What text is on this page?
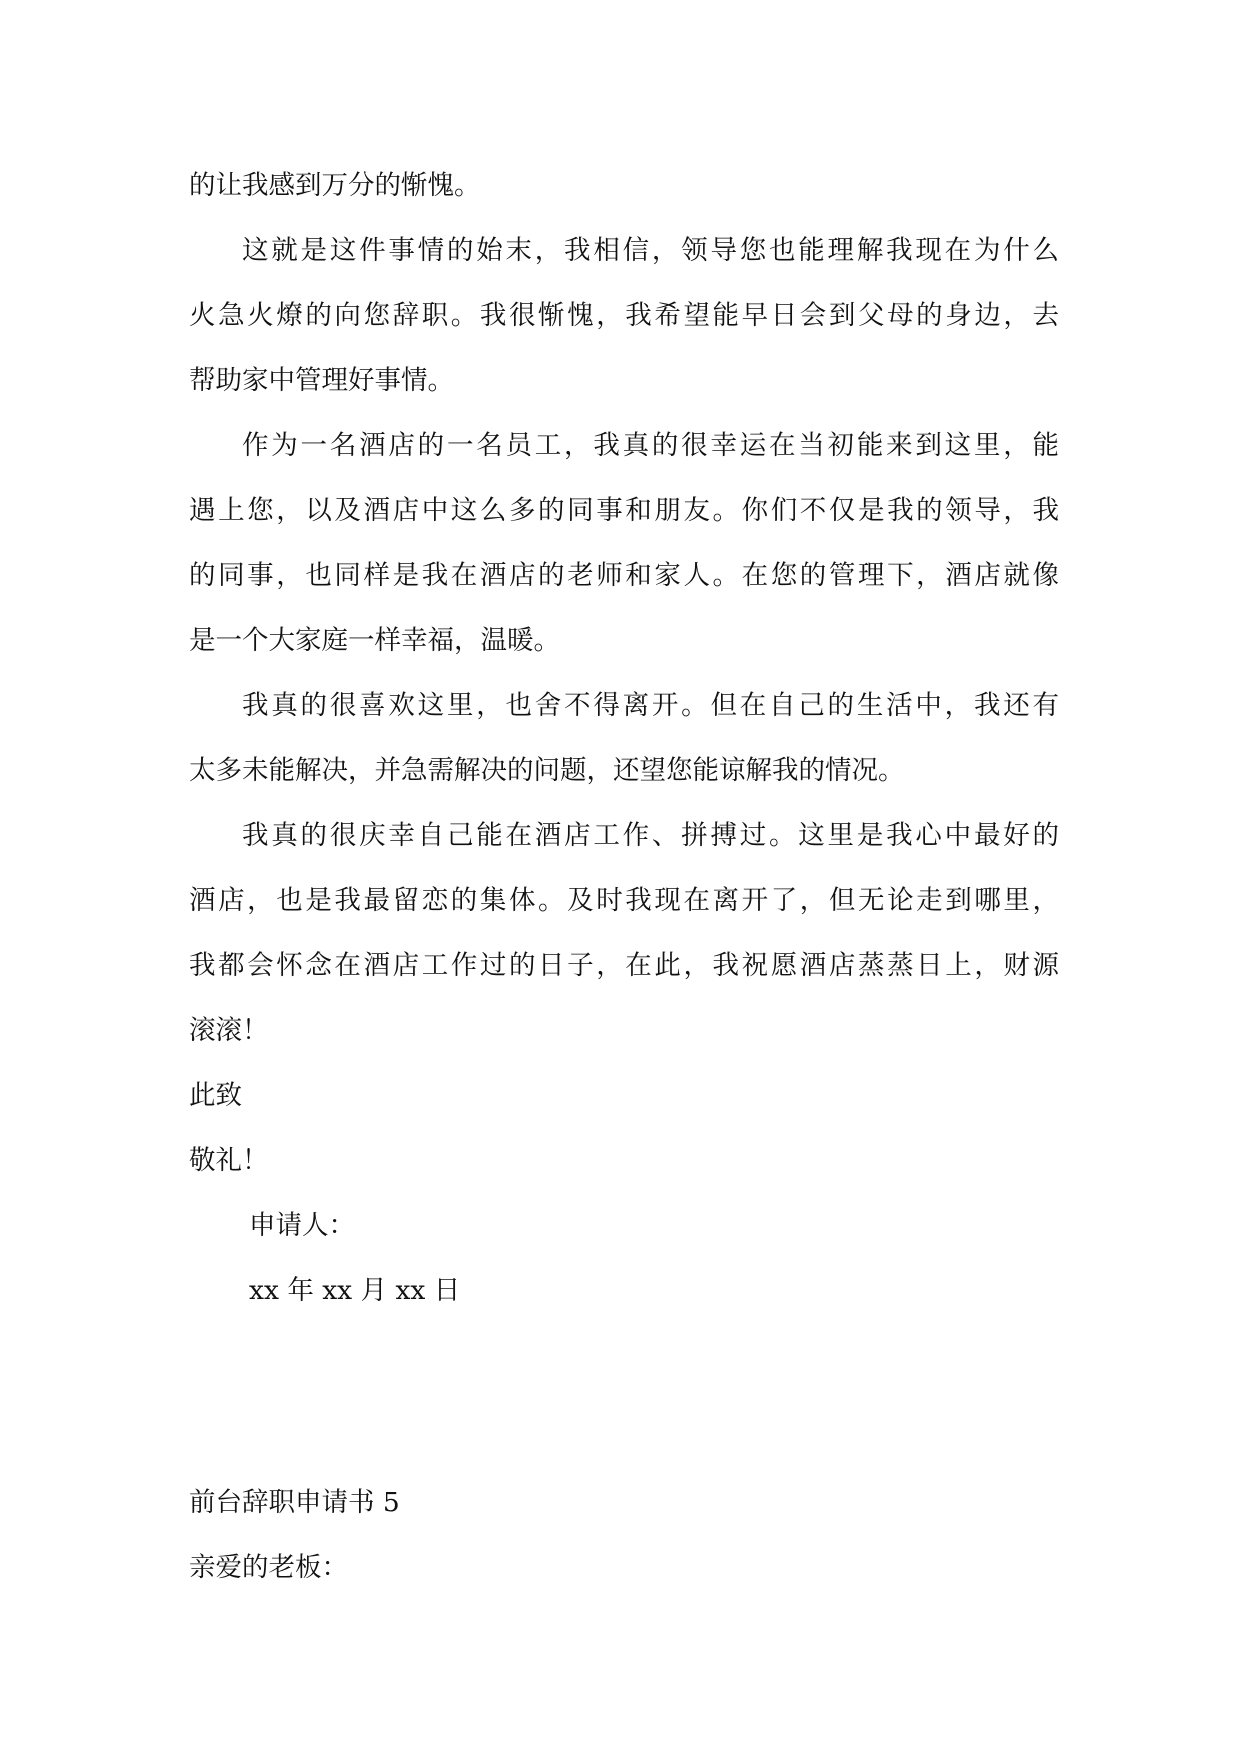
的让我感到万分的惭愧。

这就是这件事情的始末，我相信，领导您也能理解我现在为什么
火急火燎的向您辞职。我很惭愧，我希望能早日会到父母的身边，去
帮助家中管理好事情。

作为一名酒店的一名员工，我真的很幸运在当初能来到这里，能
遇上您，以及酒店中这么多的同事和朋友。你们不仅是我的领导，我
的同事，也同样是我在酒店的老师和家人。在您的管理下，酒店就像
是一个大家庭一样幸福，温暖。

我真的很喜欢这里，也舍不得离开。但在自己的生活中，我还有
太多未能解决，并急需解决的问题，还望您能谅解我的情况。

我真的很庆幸自己能在酒店工作、拼搏过。这里是我心中最好的
酒店，也是我最留恋的集体。及时我现在离开了，但无论走到哪里，
我都会怀念在酒店工作过的日子，在此，我祝愿酒店蒸蒸日上，财源
滚滚！

此致

敬礼！

申请人：

xx 年 xx 月 xx 日

前台辞职申请书 5

亲爱的老板：
